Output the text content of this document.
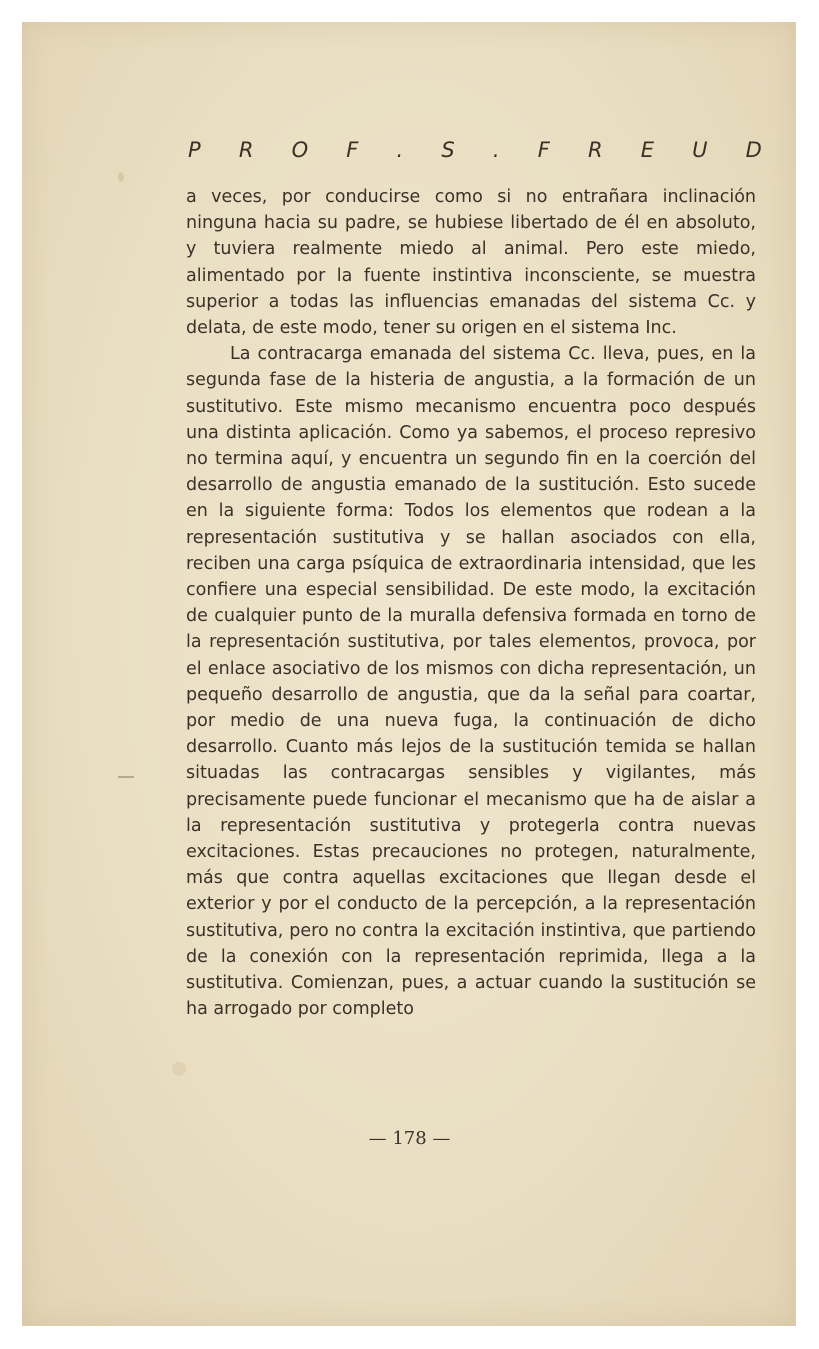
P R O F . S . F R E U D

a veces, por conducirse como si no entrañara inclinación ninguna hacia su padre, se hubiese libertado de él en absoluto, y tuviera realmente miedo al animal. Pero este miedo, alimentado por la fuente instintiva inconsciente, se muestra superior a todas las influencias emanadas del sistema Cc. y delata, de este modo, tener su origen en el sistema Inc.

La contracarga emanada del sistema Cc. lleva, pues, en la segunda fase de la histeria de angustia, a la formación de un sustitutivo. Este mismo mecanismo encuentra poco después una distinta aplicación. Como ya sabemos, el proceso represivo no termina aquí, y encuentra un segundo fin en la coerción del desarrollo de angustia emanado de la sustitución. Esto sucede en la siguiente forma: Todos los elementos que rodean a la representación sustitutiva y se hallan asociados con ella, reciben una carga psíquica de extraordinaria intensidad, que les confiere una especial sensibilidad. De este modo, la excitación de cualquier punto de la muralla defensiva formada en torno de la representación sustitutiva, por tales elementos, provoca, por el enlace asociativo de los mismos con dicha representación, un pequeño desarrollo de angustia, que da la señal para coartar, por medio de una nueva fuga, la continuación de dicho desarrollo. Cuanto más lejos de la sustitución temida se hallan situadas las contracargas sensibles y vigilantes, más precisamente puede funcionar el mecanismo que ha de aislar a la representación sustitutiva y protegerla contra nuevas excitaciones. Estas precauciones no protegen, naturalmente, más que contra aquellas excitaciones que llegan desde el exterior y por el conducto de la percepción, a la representación sustitutiva, pero no contra la excitación instintiva, que partiendo de la conexión con la representación reprimida, llega a la sustitutiva. Comienzan, pues, a actuar cuando la sustitución se ha arrogado por completo

— 178 —
